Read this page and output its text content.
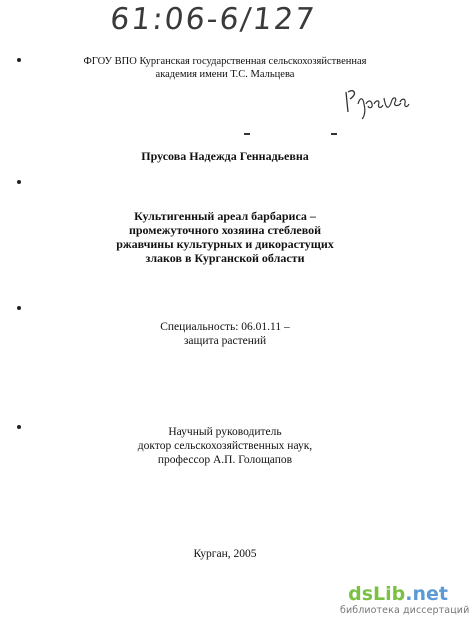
61:06-6/127
ФГОУ ВПО Курганская государственная сельскохозяйственная
академия имени Т.С. Мальцева
Прусова Надежда Геннадьевна
Культигенный ареал барбариса –
промежуточного хозяина стеблевой
ржавчины культурных и дикорастущих
злаков в Курганской области
Специальность: 06.01.11 –
защита растений
Научный руководитель
доктор сельскохозяйственных наук,
профессор А.П. Голощапов
Курган, 2005
dsLib.net
библиотека диссертаций
